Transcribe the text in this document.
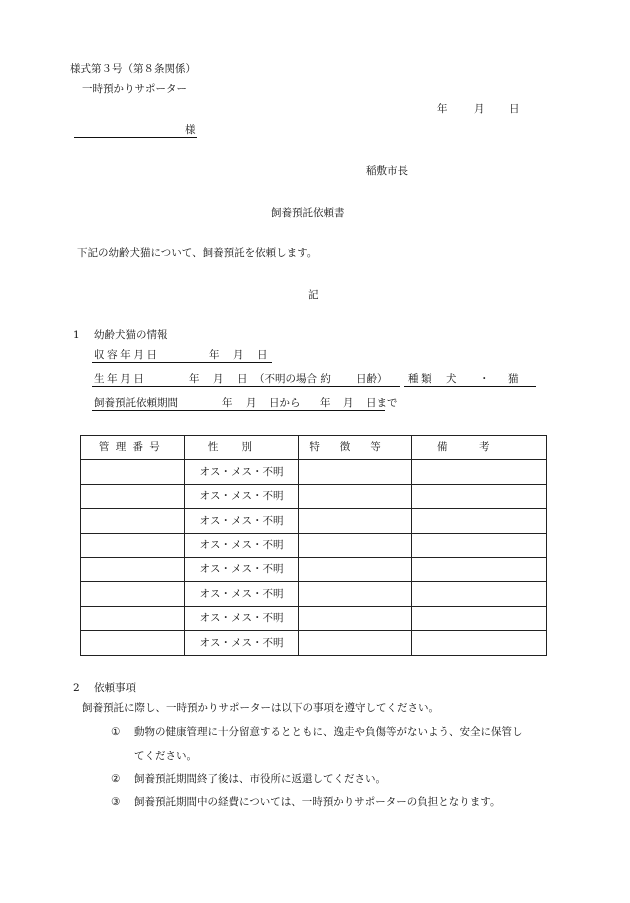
様式第３号（第８条関係）
一時預かりサポーター
年	月 日
様
稲敷市長
飼養預託依頼書
下記の幼齢犬猫について、飼養預託を依頼します。
記
1 幼齢犬猫の情報
収容年月日	年 月 日
生年月日	年 月 日 （不明の場合 約 日齢） 種類 犬 ・ 猫
飼養預託依頼期間	年 月 日から 年 月 日まで
管理番号	性別	特徴等	備考
	オス・メス・不明		
	オス・メス・不明		
	オス・メス・不明		
	オス・メス・不明		
	オス・メス・不明		
	オス・メス・不明		
	オス・メス・不明		
	オス・メス・不明		
2 依頼事項
飼養預託に際し、一時預かりサポーターは以下の事項を遵守してください。
① 動物の健康管理に十分留意するとともに、逸走や負傷等がないよう、安全に保管し
てください。
② 飼養預託期間終了後は、市役所に返還してください。
③ 飼養預託期間中の経費については、一時預かりサポーターの負担となります。
